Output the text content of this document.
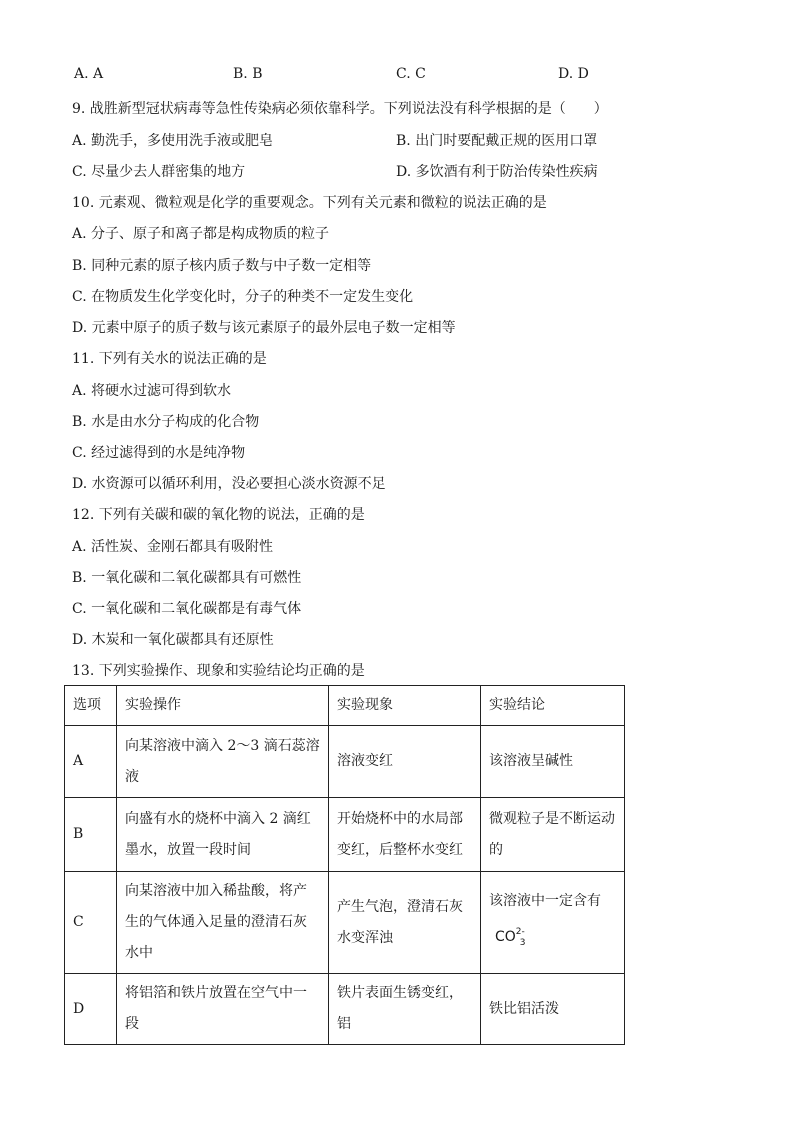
A. A	B. B	C. C	D. D
9. 战胜新型冠状病毒等急性传染病必须依靠科学。下列说法没有科学根据的是（　　）
A. 勤洗手，多使用洗手液或肥皂	B. 出门时要配戴正规的医用口罩
C. 尽量少去人群密集的地方	D. 多饮酒有利于防治传染性疾病
10. 元素观、微粒观是化学的重要观念。下列有关元素和微粒的说法正确的是
A. 分子、原子和离子都是构成物质的粒子
B. 同种元素的原子核内质子数与中子数一定相等
C. 在物质发生化学变化时，分子的种类不一定发生变化
D. 元素中原子的质子数与该元素原子的最外层电子数一定相等
11. 下列有关水的说法正确的是
A. 将硬水过滤可得到软水
B. 水是由水分子构成的化合物
C. 经过滤得到的水是纯净物
D. 水资源可以循环利用，没必要担心淡水资源不足
12. 下列有关碳和碳的氧化物的说法，正确的是
A. 活性炭、金刚石都具有吸附性
B. 一氧化碳和二氧化碳都具有可燃性
C. 一氧化碳和二氧化碳都是有毒气体
D. 木炭和一氧化碳都具有还原性
13. 下列实验操作、现象和实验结论均正确的是
选项	实验操作	实验现象	实验结论
A	向某溶液中滴入 2～3 滴石蕊溶液	溶液变红	该溶液呈碱性
B	向盛有水的烧杯中滴入 2 滴红墨水，放置一段时间	开始烧杯中的水局部变红，后整杯水变红	微观粒子是不断运动的
C	向某溶液中加入稀盐酸，将产生的气体通入足量的澄清石灰水中	产生气泡，澄清石灰水变浑浊	该溶液中一定含有
$CO^{2-}_3$
D	将铝箔和铁片放置在空气中一段	铁片表面生锈变红，铝	铁比铝活泼
